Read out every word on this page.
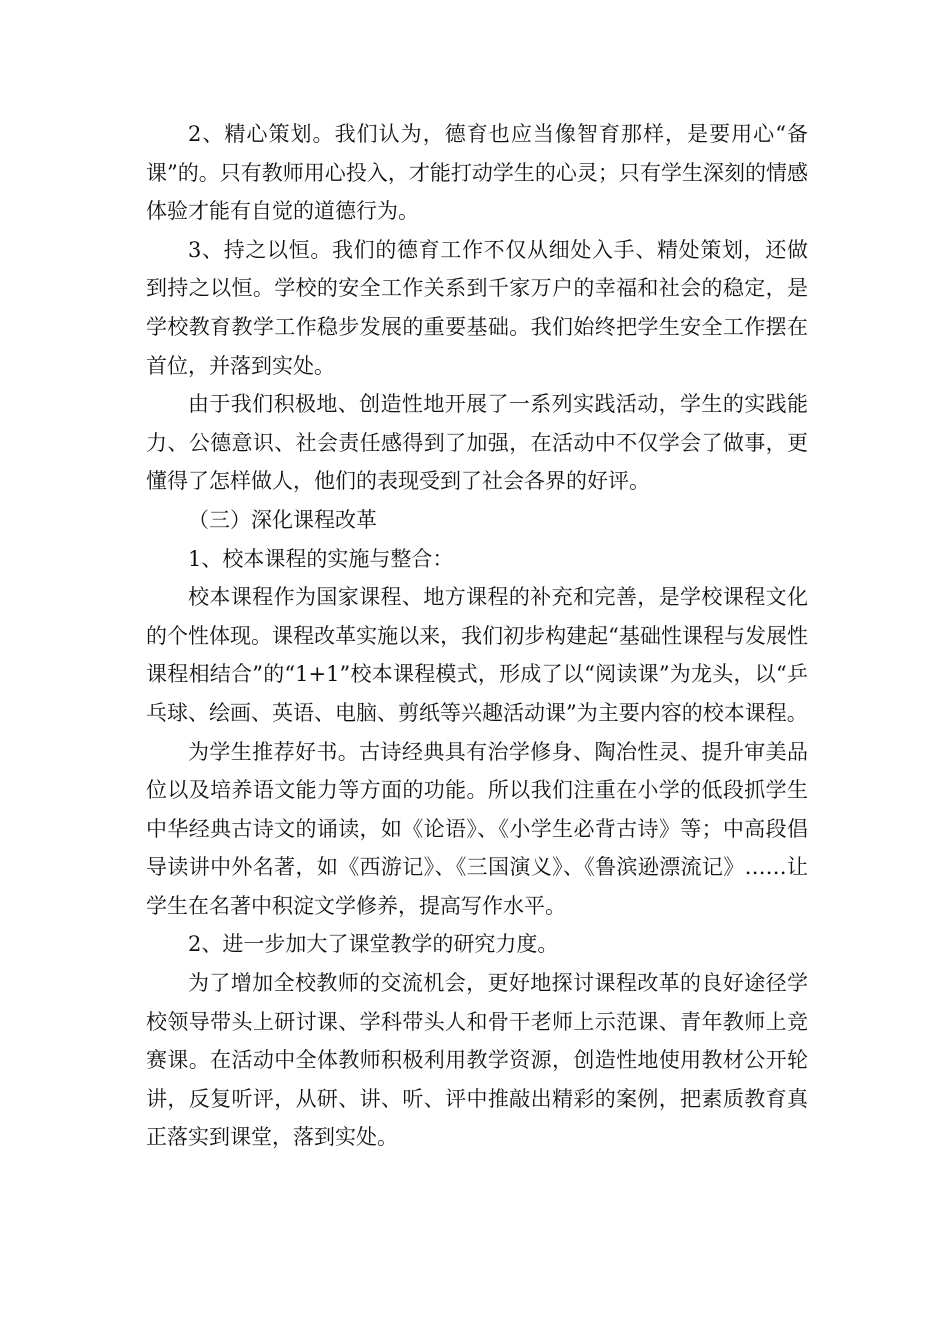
2、精心策划。我们认为，德育也应当像智育那样，是要用心“备课”的。只有教师用心投入，才能打动学生的心灵；只有学生深刻的情感体验才能有自觉的道德行为。

3、持之以恒。我们的德育工作不仅从细处入手、精处策划，还做到持之以恒。学校的安全工作关系到千家万户的幸福和社会的稳定，是学校教育教学工作稳步发展的重要基础。我们始终把学生安全工作摆在首位，并落到实处。

由于我们积极地、创造性地开展了一系列实践活动，学生的实践能力、公德意识、社会责任感得到了加强，在活动中不仅学会了做事，更懂得了怎样做人，他们的表现受到了社会各界的好评。

（三）深化课程改革

1、校本课程的实施与整合：

校本课程作为国家课程、地方课程的补充和完善，是学校课程文化的个性体现。课程改革实施以来，我们初步构建起“基础性课程与发展性课程相结合”的“1+1”校本课程模式，形成了以“阅读课”为龙头，以“乒乓球、绘画、英语、电脑、剪纸等兴趣活动课”为主要内容的校本课程。

为学生推荐好书。古诗经典具有治学修身、陶冶性灵、提升审美品位以及培养语文能力等方面的功能。所以我们注重在小学的低段抓学生中华经典古诗文的诵读，如《论语》、《小学生必背古诗》等；中高段倡导读讲中外名著，如《西游记》、《三国演义》、《鲁滨逊漂流记》……让学生在名著中积淀文学修养，提高写作水平。

2、进一步加大了课堂教学的研究力度。

为了增加全校教师的交流机会，更好地探讨课程改革的良好途径学校领导带头上研讨课、学科带头人和骨干老师上示范课、青年教师上竞赛课。在活动中全体教师积极利用教学资源，创造性地使用教材公开轮讲，反复听评，从研、讲、听、评中推敲出精彩的案例，把素质教育真正落实到课堂，落到实处。
